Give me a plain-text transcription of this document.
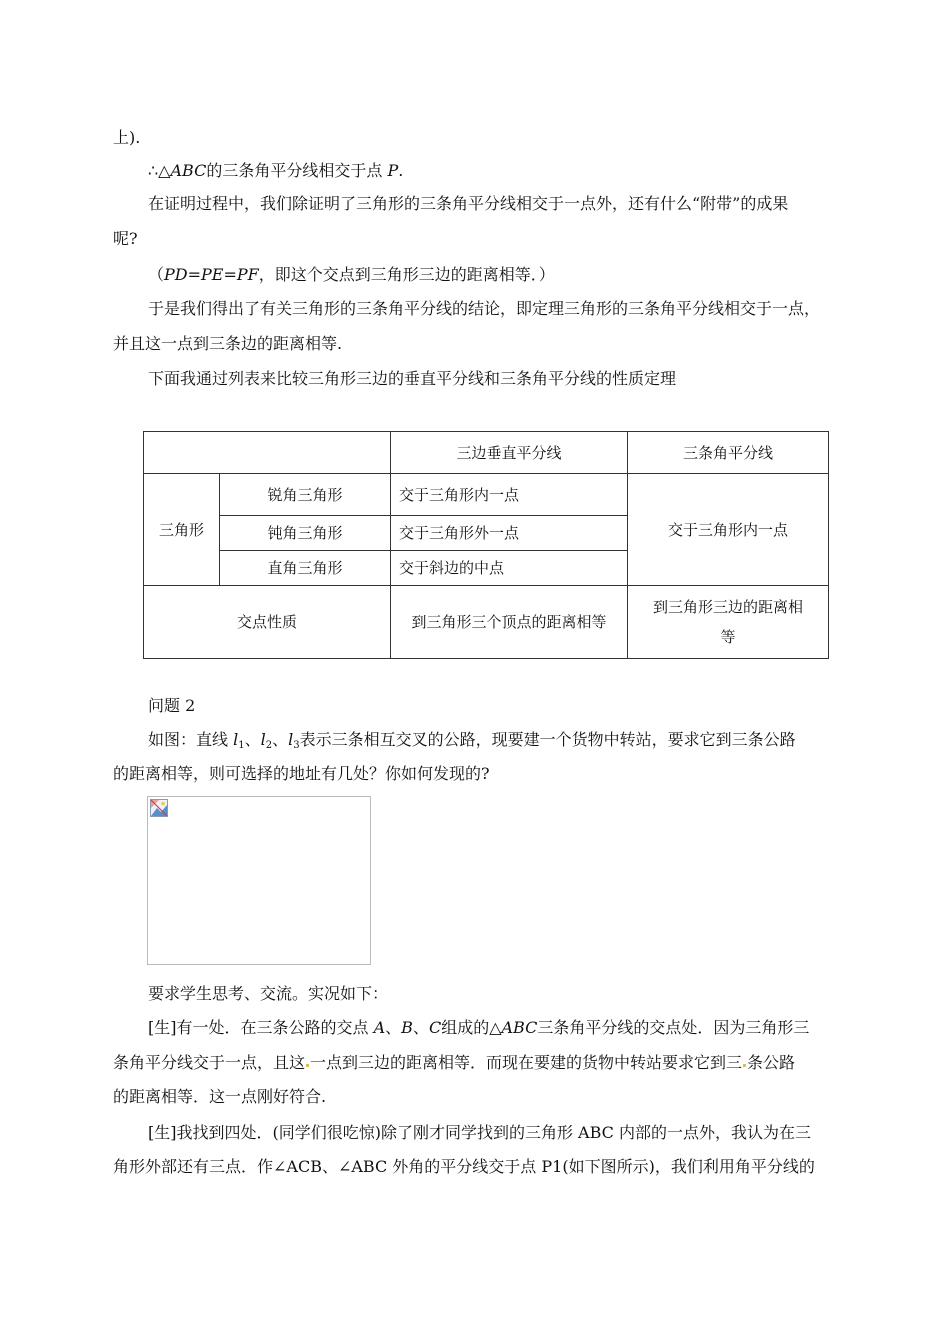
上).
∴△ABC的三条角平分线相交于点 P.
在证明过程中，我们除证明了三角形的三条角平分线相交于一点外，还有什么“附带”的成果
呢?
（PD=PE=PF，即这个交点到三角形三边的距离相等．）
于是我们得出了有关三角形的三条角平分线的结论，即定理三角形的三条角平分线相交于一点，
并且这一点到三条边的距离相等.
下面我通过列表来比较三角形三边的垂直平分线和三条角平分线的性质定理
		三边垂直平分线	三条角平分线
三角形	锐角三角形	交于三角形内一点	交于三角形内一点
	钝角三角形	交于三角形外一点	
	直角三角形	交于斜边的中点	
交点性质		到三角形三个顶点的距离相等	到三角形三边的距离相
等
问题 2
如图：直线 $l_1$、$l_2$、$l_3$表示三条相互交叉的公路，现要建一个货物中转站，要求它到三条公路
的距离相等，则可选择的地址有几处？你如何发现的?
要求学生思考、交流。实况如下：
[生]有一处．在三条公路的交点 A、B、C组成的△ABC三条角平分线的交点处．因为三角形三
条角平分线交于一点，且这 一点到三边的距离相等．而现在要建的货物中转站要求它到三 条公路
的距离相等．这一点刚好符合.
[生]我找到四处．(同学们很吃惊)除了刚才同学找到的三角形 ABC 内部的一点外，我认为在三
角形外部还有三点．作∠ACB、∠ABC 外角的平分线交于点 P1(如下图所示)，我们利用角平分线的
